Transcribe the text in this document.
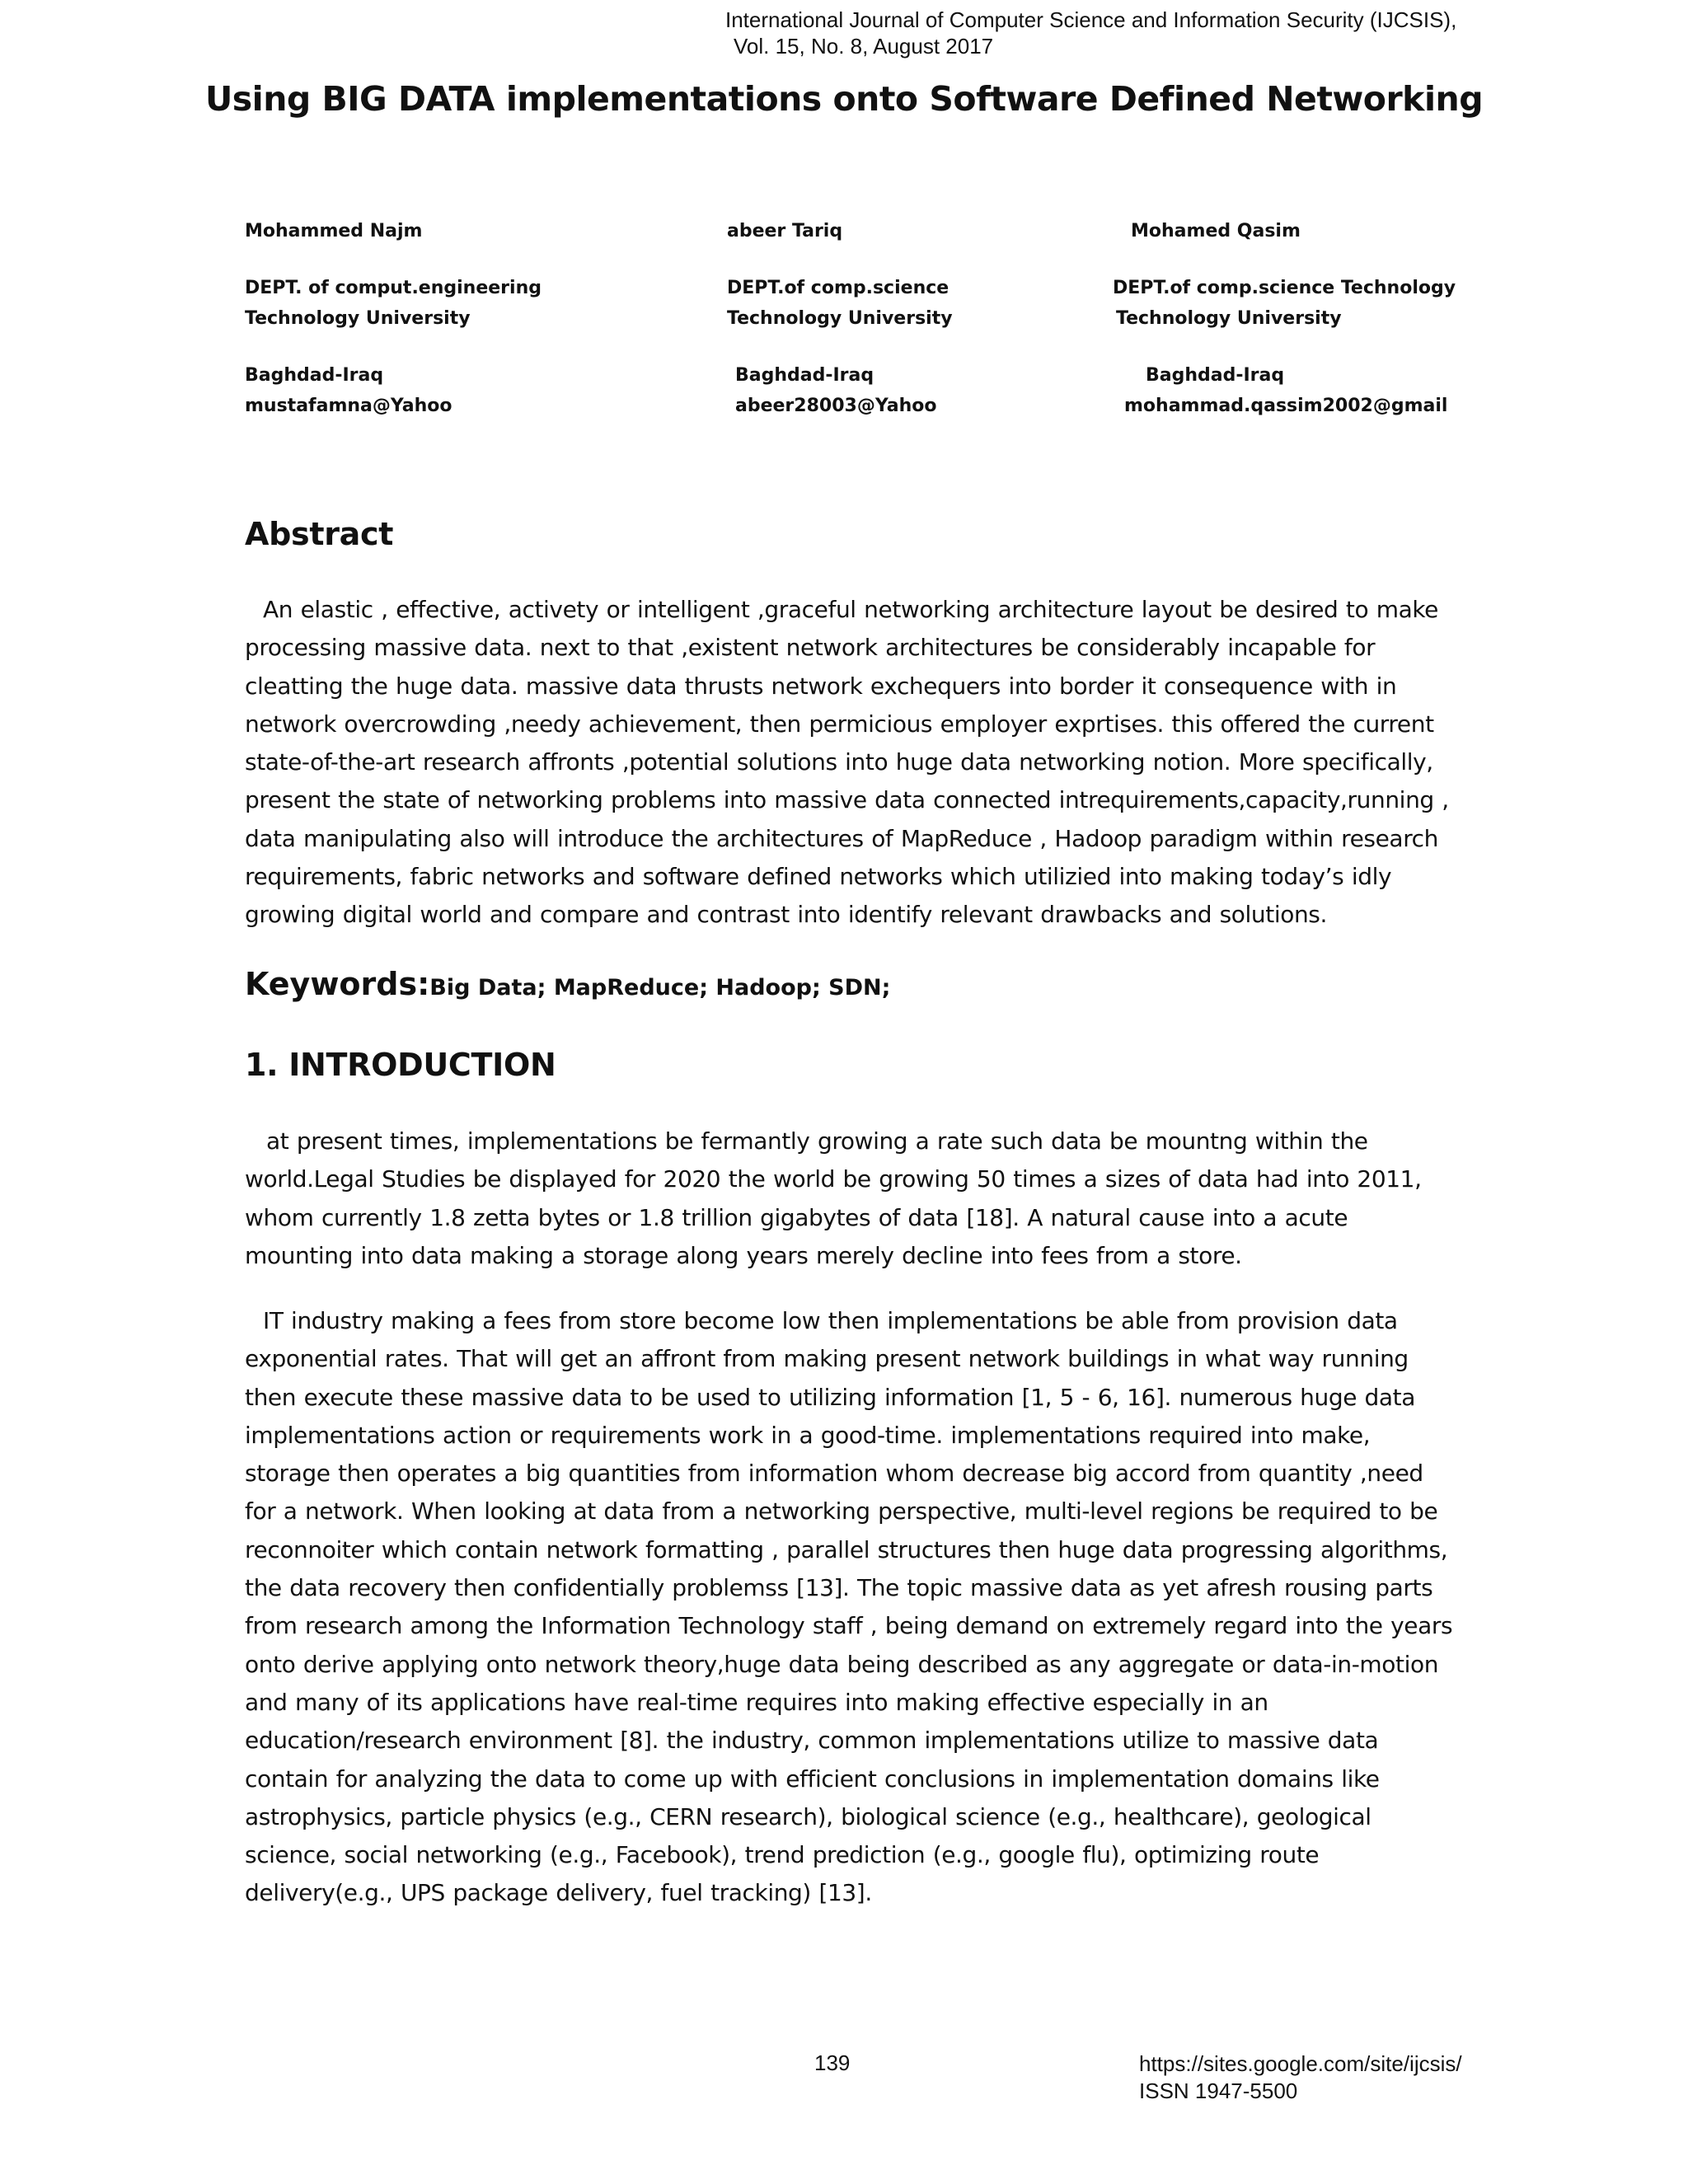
International Journal of Computer Science and Information Security (IJCSIS),
Vol. 15, No. 8, August 2017
Using BIG DATA implementations onto Software Defined Networking
Mohammed Najm
DEPT. of comput.engineering
Technology University
Baghdad-Iraq
mustafamna@Yahoo
abeer Tariq
DEPT.of comp.science
Technology University
Baghdad-Iraq
abeer28003@Yahoo
Mohamed Qasim
DEPT.of comp.science Technology
Technology University
Baghdad-Iraq
mohammad.qassim2002@gmail
Abstract

An elastic , effective, activety or intelligent ,graceful networking architecture layout be desired to make processing massive data. next to that ,existent network architectures be considerably incapable for cleatting the huge data. massive data thrusts network exchequers into border it consequence with in network overcrowding ,needy achievement, then permicious employer exprtises. this offered the current state-of-the-art research affronts ,potential solutions into huge data networking notion. More specifically, present the state of networking problems into massive data connected intrequirements,capacity,running , data manipulating also will introduce the architectures of MapReduce , Hadoop paradigm within research requirements, fabric networks and software defined networks which utilizied into making today’s idly growing digital world and compare and contrast into identify relevant drawbacks and solutions.

Keywords:Big Data; MapReduce; Hadoop; SDN;
1. INTRODUCTION

at present times, implementations be fermantly growing a rate such data be mountng within the world.Legal Studies be displayed for 2020 the world be growing 50 times a sizes of data had into 2011, whom currently 1.8 zetta bytes or 1.8 trillion gigabytes of data [18]. A natural cause into a acute mounting into data making a storage along years merely decline into fees from a store.

IT industry making a fees from store become low then implementations be able from provision data exponential rates. That will get an affront from making present network buildings in what way running then execute these massive data to be used to utilizing information [1, 5 - 6, 16]. numerous huge data implementations action or requirements work in a good-time. implementations required into make, storage then operates a big quantities from information whom decrease big accord from quantity ,need for a network. When looking at data from a networking perspective, multi-level regions be required to be reconnoiter which contain network formatting , parallel structures then huge data progressing algorithms, the data recovery then confidentially problemss [13]. The topic massive data as yet afresh rousing parts from research among the Information Technology staff , being demand on extremely regard into the years onto derive applying onto network theory,huge data being described as any aggregate or data-in-motion and many of its applications have real-time requires into making effective especially in an education/research environment [8]. the industry, common implementations utilize to massive data contain for analyzing the data to come up with efficient conclusions in implementation domains like astrophysics, particle physics (e.g., CERN research), biological science (e.g., healthcare), geological science, social networking (e.g., Facebook), trend prediction (e.g., google flu), optimizing route delivery(e.g., UPS package delivery, fuel tracking) [13].

139	https://sites.google.com/site/ijcsis/
ISSN 1947-5500
